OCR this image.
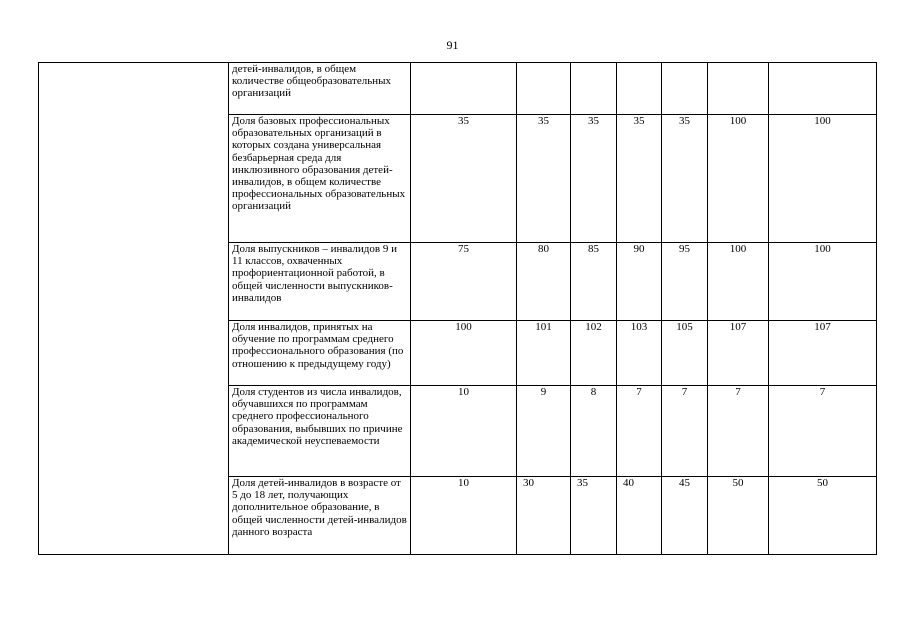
91
	детей-инвалидов, в общем количестве общеобразовательных организаций							
	Доля базовых профессиональных образовательных организаций в которых создана универсальная безбарьерная среда для инклюзивного образования детей-инвалидов, в общем количестве профессиональных образовательных организаций	35	35	35	35	35	100	100
	Доля выпускников – инвалидов 9 и 11 классов, охваченных профориентационной работой, в общей численности выпускников-инвалидов	75	80	85	90	95	100	100
	Доля инвалидов, принятых на обучение по программам среднего профессионального образования (по отношению к предыдущему году)	100	101	102	103	105	107	107
	Доля студентов из числа инвалидов, обучавшихся по программам среднего профессионального образования, выбывших по причине академической неуспеваемости	10	9	8	7	7	7	7
	Доля детей-инвалидов в возрасте от 5 до 18 лет, получающих дополнительное образование, в общей численности детей-инвалидов данного возраста	10	30	35	40	45	50	50
